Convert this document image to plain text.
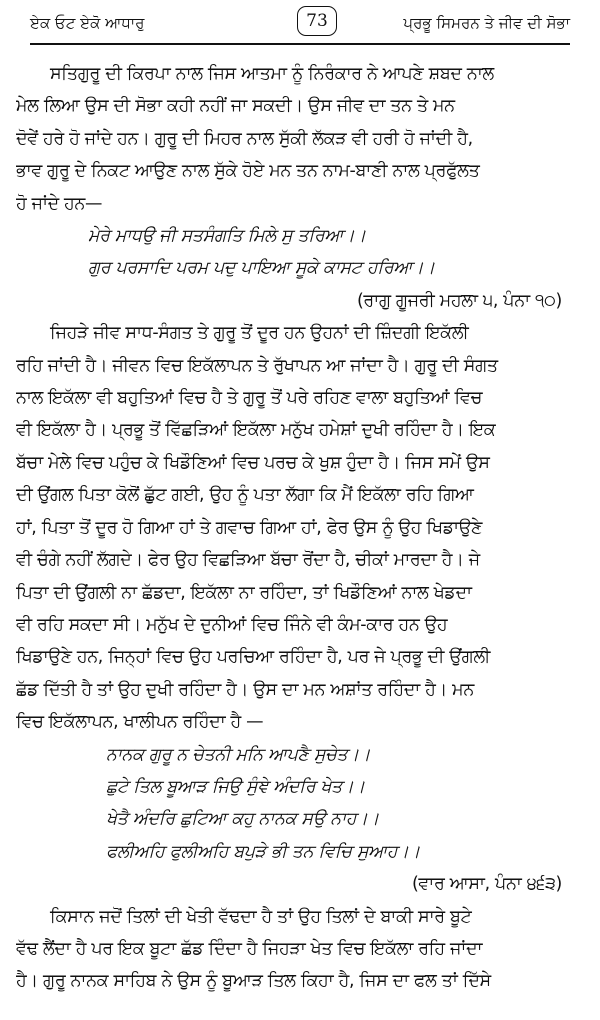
ਏਕ ਓਟ ਏਕੋ ਆਧਾਰੁ	73	ਪ੍ਰਭੂ ਸਿਮਰਨ ਤੇ ਜੀਵ ਦੀ ਸੋਭਾ
ਸਤਿਗੁਰੂ ਦੀ ਕਿਰਪਾ ਨਾਲ ਜਿਸ ਆਤਮਾ ਨੂੰ ਨਿਰੰਕਾਰ ਨੇ ਆਪਣੇ ਸ਼ਬਦ ਨਾਲ
ਮੇਲ ਲਿਆ ਉਸ ਦੀ ਸੋਭਾ ਕਹੀ ਨਹੀਂ ਜਾ ਸਕਦੀ। ਉਸ ਜੀਵ ਦਾ ਤਨ ਤੇ ਮਨ
ਦੋਵੇਂ ਹਰੇ ਹੋ ਜਾਂਦੇ ਹਨ। ਗੁਰੂ ਦੀ ਮਿਹਰ ਨਾਲ ਸੁੱਕੀ ਲੱਕੜ ਵੀ ਹਰੀ ਹੋ ਜਾਂਦੀ ਹੈ,
ਭਾਵ ਗੁਰੂ ਦੇ ਨਿਕਟ ਆਉਣ ਨਾਲ ਸੁੱਕੇ ਹੋਏ ਮਨ ਤਨ ਨਾਮ-ਬਾਣੀ ਨਾਲ ਪ੍ਰਫੁੱਲਤ
ਹੋ ਜਾਂਦੇ ਹਨ—
ਮੇਰੇ ਮਾਧਉ ਜੀ ਸਤਸੰਗਤਿ ਮਿਲੇ ਸੁ ਤਰਿਆ।।
ਗੁਰ ਪਰਸਾਦਿ ਪਰਮ ਪਦੁ ਪਾਇਆ ਸੂਕੇ ਕਾਸਟ ਹਰਿਆ।।
(ਰਾਗੁ ਗੂਜਰੀ ਮਹਲਾ ੫, ਪੰਨਾ ੧੦)
ਜਿਹੜੇ ਜੀਵ ਸਾਧ-ਸੰਗਤ ਤੇ ਗੁਰੂ ਤੋਂ ਦੂਰ ਹਨ ਉਹਨਾਂ ਦੀ ਜ਼ਿੰਦਗੀ ਇਕੱਲੀ
ਰਹਿ ਜਾਂਦੀ ਹੈ। ਜੀਵਨ ਵਿਚ ਇਕੱਲਾਪਨ ਤੇ ਰੁੱਖਾਪਨ ਆ ਜਾਂਦਾ ਹੈ। ਗੁਰੂ ਦੀ ਸੰਗਤ
ਨਾਲ ਇਕੱਲਾ ਵੀ ਬਹੁਤਿਆਂ ਵਿਚ ਹੈ ਤੇ ਗੁਰੂ ਤੋਂ ਪਰੇ ਰਹਿਣ ਵਾਲਾ ਬਹੁਤਿਆਂ ਵਿਚ
ਵੀ ਇਕੱਲਾ ਹੈ। ਪ੍ਰਭੂ ਤੋਂ ਵਿੱਛੜਿਆਂ ਇਕੱਲਾ ਮਨੁੱਖ ਹਮੇਸ਼ਾਂ ਦੁਖੀ ਰਹਿੰਦਾ ਹੈ। ਇਕ
ਬੱਚਾ ਮੇਲੇ ਵਿਚ ਪਹੁੰਚ ਕੇ ਖਿਡੌਣਿਆਂ ਵਿਚ ਪਰਚ ਕੇ ਖੁਸ਼ ਹੁੰਦਾ ਹੈ। ਜਿਸ ਸਮੇਂ ਉਸ
ਦੀ ਉਂਗਲ ਪਿਤਾ ਕੋਲੋਂ ਛੁੱਟ ਗਈ, ਉਹ ਨੂੰ ਪਤਾ ਲੱਗਾ ਕਿ ਮੈਂ ਇਕੱਲਾ ਰਹਿ ਗਿਆ
ਹਾਂ, ਪਿਤਾ ਤੋਂ ਦੂਰ ਹੋ ਗਿਆ ਹਾਂ ਤੇ ਗਵਾਚ ਗਿਆ ਹਾਂ, ਫੇਰ ਉਸ ਨੂੰ ਉਹ ਖਿਡਾਉਣੇ
ਵੀ ਚੰਗੇ ਨਹੀਂ ਲੱਗਦੇ। ਫੇਰ ਉਹ ਵਿਛੜਿਆ ਬੱਚਾ ਰੋਂਦਾ ਹੈ, ਚੀਕਾਂ ਮਾਰਦਾ ਹੈ। ਜੇ
ਪਿਤਾ ਦੀ ਉਂਗਲੀ ਨਾ ਛੱਡਦਾ, ਇਕੱਲਾ ਨਾ ਰਹਿੰਦਾ, ਤਾਂ ਖਿਡੌਣਿਆਂ ਨਾਲ ਖੇਡਦਾ
ਵੀ ਰਹਿ ਸਕਦਾ ਸੀ। ਮਨੁੱਖ ਦੇ ਦੁਨੀਆਂ ਵਿਚ ਜਿੰਨੇ ਵੀ ਕੰਮ-ਕਾਰ ਹਨ ਉਹ
ਖਿਡਾਉਣੇ ਹਨ, ਜਿਨ੍ਹਾਂ ਵਿਚ ਉਹ ਪਰਚਿਆ ਰਹਿੰਦਾ ਹੈ, ਪਰ ਜੇ ਪ੍ਰਭੂ ਦੀ ਉਂਗਲੀ
ਛੱਡ ਦਿੱਤੀ ਹੈ ਤਾਂ ਉਹ ਦੁਖੀ ਰਹਿੰਦਾ ਹੈ। ਉਸ ਦਾ ਮਨ ਅਸ਼ਾਂਤ ਰਹਿੰਦਾ ਹੈ। ਮਨ
ਵਿਚ ਇਕੱਲਾਪਨ, ਖਾਲੀਪਨ ਰਹਿੰਦਾ ਹੈ —
ਨਾਨਕ ਗੁਰੂ ਨ ਚੇਤਨੀ ਮਨਿ ਆਪਣੈ ਸੁਚੇਤ।।
ਛੁਟੇ ਤਿਲ ਬੂਆੜ ਜਿਉ ਸੁੰਞੇ ਅੰਦਰਿ ਖੇਤ।।
ਖੇਤੈ ਅੰਦਰਿ ਛੁਟਿਆ ਕਹੁ ਨਾਨਕ ਸਉ ਨਾਹ।।
ਫਲੀਅਹਿ ਫੁਲੀਅਹਿ ਬਪੁੜੇ ਭੀ ਤਨ ਵਿਚਿ ਸੁਆਹ।।
(ਵਾਰ ਆਸਾ, ਪੰਨਾ ੪੬੩)
ਕਿਸਾਨ ਜਦੋਂ ਤਿਲਾਂ ਦੀ ਖੇਤੀ ਵੱਢਦਾ ਹੈ ਤਾਂ ਉਹ ਤਿਲਾਂ ਦੇ ਬਾਕੀ ਸਾਰੇ ਬੂਟੇ
ਵੱਢ ਲੈਂਦਾ ਹੈ ਪਰ ਇਕ ਬੂਟਾ ਛੱਡ ਦਿੰਦਾ ਹੈ ਜਿਹੜਾ ਖੇਤ ਵਿਚ ਇਕੱਲਾ ਰਹਿ ਜਾਂਦਾ
ਹੈ। ਗੁਰੂ ਨਾਨਕ ਸਾਹਿਬ ਨੇ ਉਸ ਨੂੰ ਬੂਆੜ ਤਿਲ ਕਿਹਾ ਹੈ, ਜਿਸ ਦਾ ਫਲ ਤਾਂ ਦਿੱਸੇ
